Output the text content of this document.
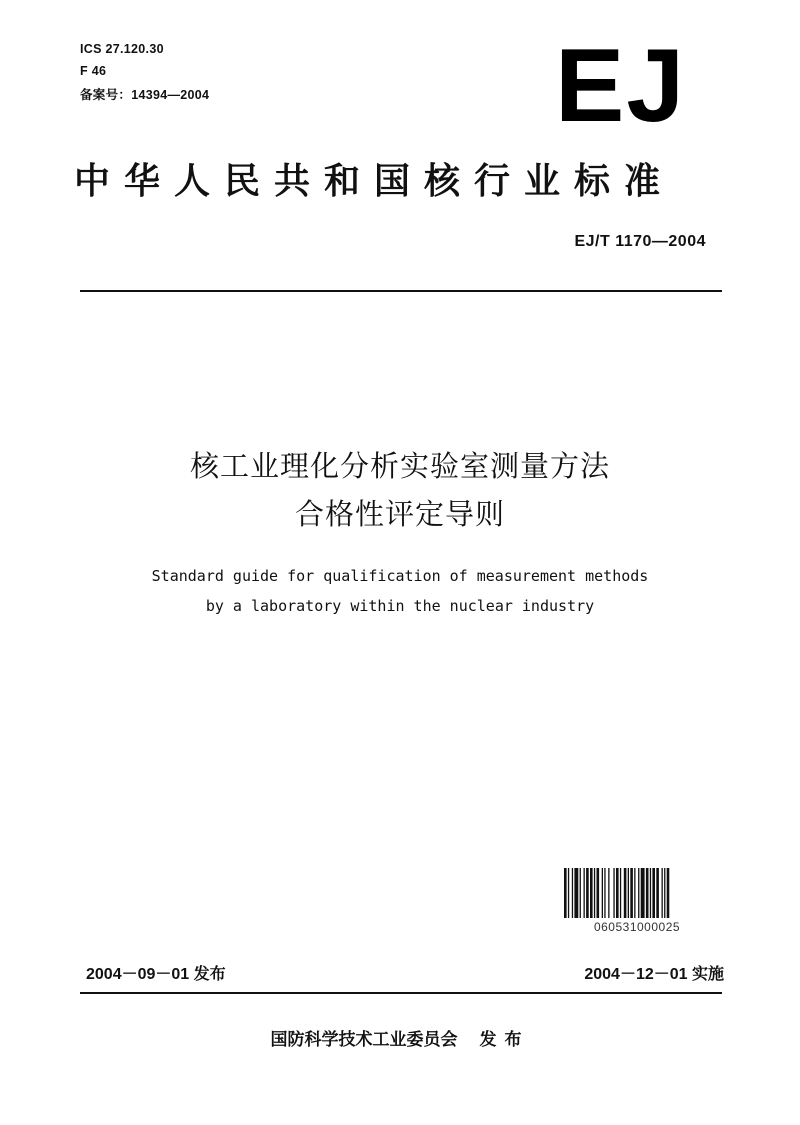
ICS 27.120.30
F 46
备案号：14394—2004	EJ
中华人民共和国核行业标准
EJ/T 1170—2004
核工业理化分析实验室测量方法
合格性评定导则
Standard guide for qualification of measurement methods
by a laboratory within the nuclear industry
060531000025
2004－09－01 发布	2004－12－01 实施
国防科学技术工业委员会 发布
